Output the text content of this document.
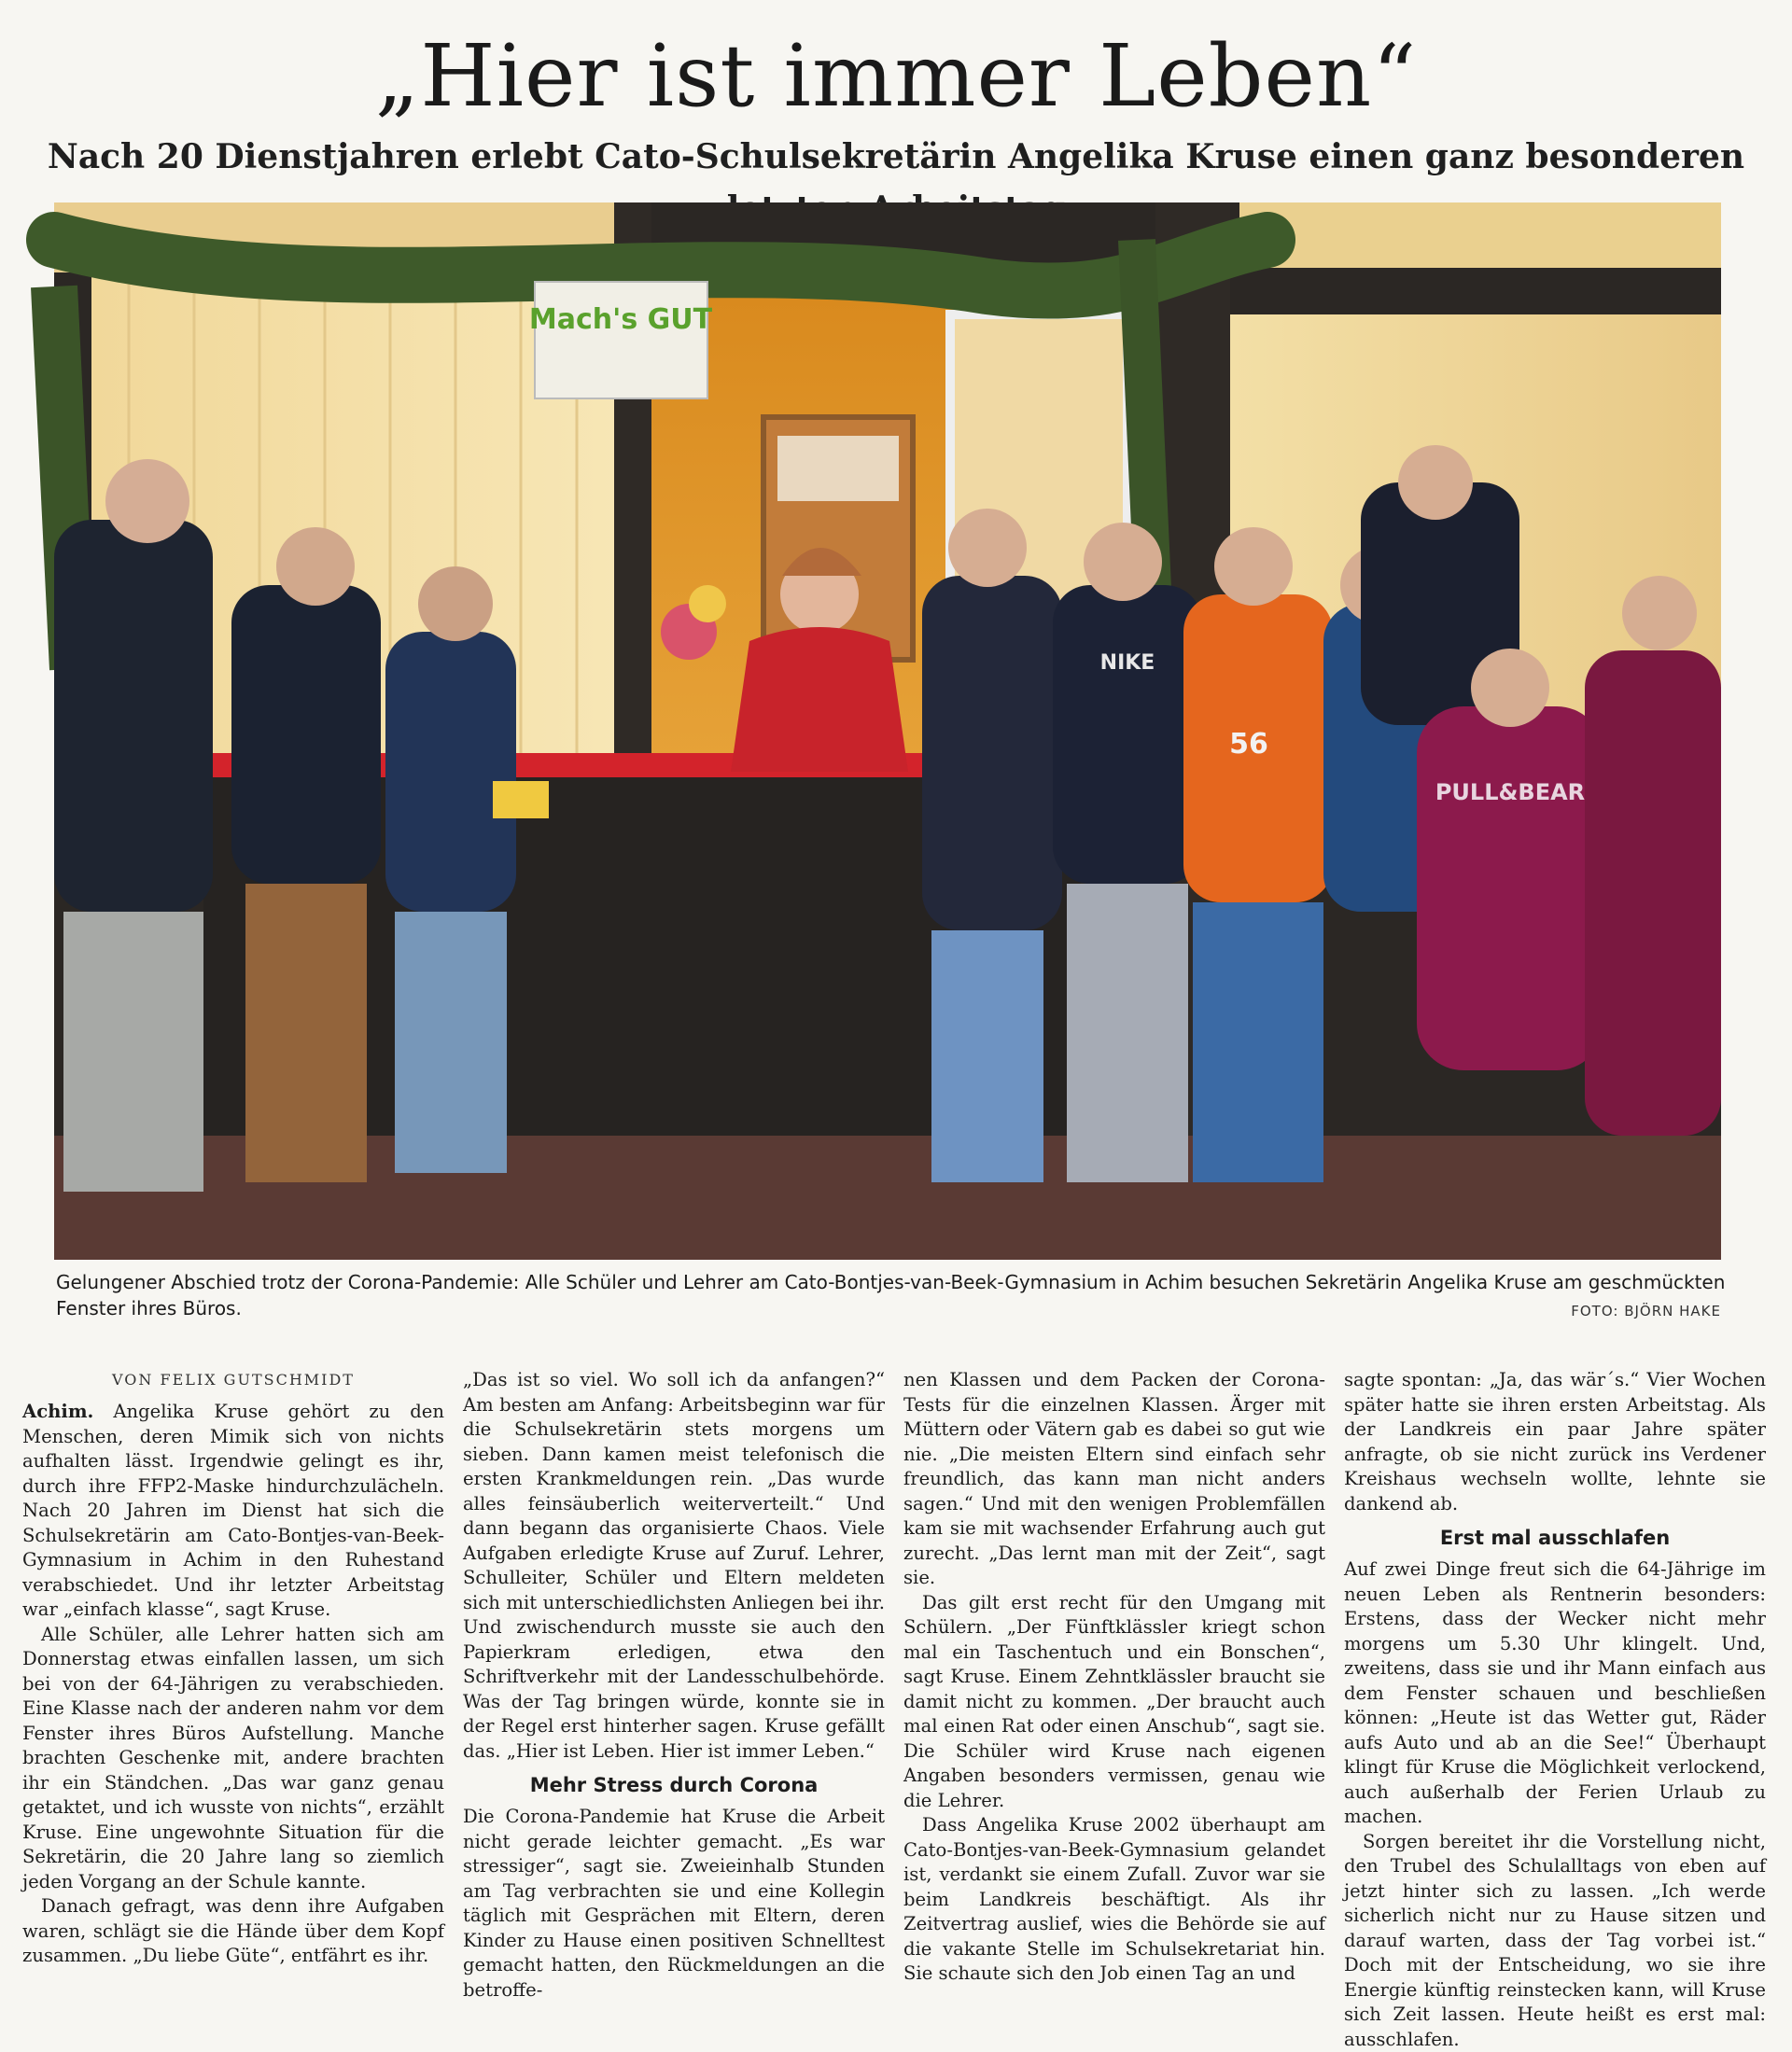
„Hier ist immer Leben“
Nach 20 Dienstjahren erlebt Cato-Schulsekretärin Angelika Kruse einen ganz besonderen
Mach's GUT
NIKE
56
PULL&BEAR
Gelungener Abschied trotz der Corona-Pandemie: Alle Schüler und Lehrer am Cato-Bontjes-van-Beek-Gymnasium in Achim besuchen Sekretärin Angelika Kruse am geschmückten Fenster ihres Büros.	FOTO: BJÖRN HAKE
VON FELIX GUTSCHMIDT

Achim. Angelika Kruse gehört zu den Menschen, deren Mimik sich von nichts aufhalten lässt. Irgendwie gelingt es ihr, durch ihre FFP2-Maske hindurchzulächeln. Nach 20 Jahren im Dienst hat sich die Schulsekretärin am Cato-Bontjes-van-Beek-Gymnasium in Achim in den Ruhestand verabschiedet. Und ihr letzter Arbeitstag war „einfach klasse“, sagt Kruse.

Alle Schüler, alle Lehrer hatten sich am Donnerstag etwas einfallen lassen, um sich bei von der 64-Jährigen zu verabschieden. Eine Klasse nach der anderen nahm vor dem Fenster ihres Büros Aufstellung. Manche brachten Geschenke mit, andere brachten ihr ein Ständchen. „Das war ganz genau getaktet, und ich wusste von nichts“, erzählt Kruse. Eine ungewohnte Situation für die Sekretärin, die 20 Jahre lang so ziemlich jeden Vorgang an der Schule kannte.

Danach gefragt, was denn ihre Aufgaben waren, schlägt sie die Hände über dem Kopf zusammen. „Du liebe Güte“, entfährt es ihr.

„Das ist so viel. Wo soll ich da anfangen?“ Am besten am Anfang: Arbeitsbeginn war für die Schulsekretärin stets morgens um sieben. Dann kamen meist telefonisch die ersten Krankmeldungen rein. „Das wurde alles feinsäuberlich weiterverteilt.“ Und dann begann das organisierte Chaos. Viele Aufgaben erledigte Kruse auf Zuruf. Lehrer, Schulleiter, Schüler und Eltern meldeten sich mit unterschiedlichsten Anliegen bei ihr. Und zwischendurch musste sie auch den Papierkram erledigen, etwa den Schriftverkehr mit der Landesschulbehörde. Was der Tag bringen würde, konnte sie in der Regel erst hinterher sagen. Kruse gefällt das. „Hier ist Leben. Hier ist immer Leben.“

Mehr Stress durch Corona

Die Corona-Pandemie hat Kruse die Arbeit nicht gerade leichter gemacht. „Es war stressiger“, sagt sie. Zweieinhalb Stunden am Tag verbrachten sie und eine Kollegin täglich mit Gesprächen mit Eltern, deren Kinder zu Hause einen positiven Schnelltest gemacht hatten, den Rückmeldungen an die betroffe-

nen Klassen und dem Packen der Corona-Tests für die einzelnen Klassen. Ärger mit Müttern oder Vätern gab es dabei so gut wie nie. „Die meisten Eltern sind einfach sehr freundlich, das kann man nicht anders sagen.“ Und mit den wenigen Problemfällen kam sie mit wachsender Erfahrung auch gut zurecht. „Das lernt man mit der Zeit“, sagt sie.

Das gilt erst recht für den Umgang mit Schülern. „Der Fünftklässler kriegt schon mal ein Taschentuch und ein Bonschen“, sagt Kruse. Einem Zehntklässler braucht sie damit nicht zu kommen. „Der braucht auch mal einen Rat oder einen Anschub“, sagt sie. Die Schüler wird Kruse nach eigenen Angaben besonders vermissen, genau wie die Lehrer.

Dass Angelika Kruse 2002 überhaupt am Cato-Bontjes-van-Beek-Gymnasium gelandet ist, verdankt sie einem Zufall. Zuvor war sie beim Landkreis beschäftigt. Als ihr Zeitvertrag auslief, wies die Behörde sie auf die vakante Stelle im Schulsekretariat hin. Sie schaute sich den Job einen Tag an und

sagte spontan: „Ja, das wär´s.“ Vier Wochen später hatte sie ihren ersten Arbeitstag. Als der Landkreis ein paar Jahre später anfragte, ob sie nicht zurück ins Verdener Kreishaus wechseln wollte, lehnte sie dankend ab.

Erst mal ausschlafen

Auf zwei Dinge freut sich die 64-Jährige im neuen Leben als Rentnerin besonders: Erstens, dass der Wecker nicht mehr morgens um 5.30 Uhr klingelt. Und, zweitens, dass sie und ihr Mann einfach aus dem Fenster schauen und beschließen können: „Heute ist das Wetter gut, Räder aufs Auto und ab an die See!“ Überhaupt klingt für Kruse die Möglichkeit verlockend, auch außerhalb der Ferien Urlaub zu machen.

Sorgen bereitet ihr die Vorstellung nicht, den Trubel des Schulalltags von eben auf jetzt hinter sich zu lassen. „Ich werde sicherlich nicht nur zu Hause sitzen und darauf warten, dass der Tag vorbei ist.“ Doch mit der Entscheidung, wo sie ihre Energie künftig reinstecken kann, will Kruse sich Zeit lassen. Heute heißt es erst mal: ausschlafen.
